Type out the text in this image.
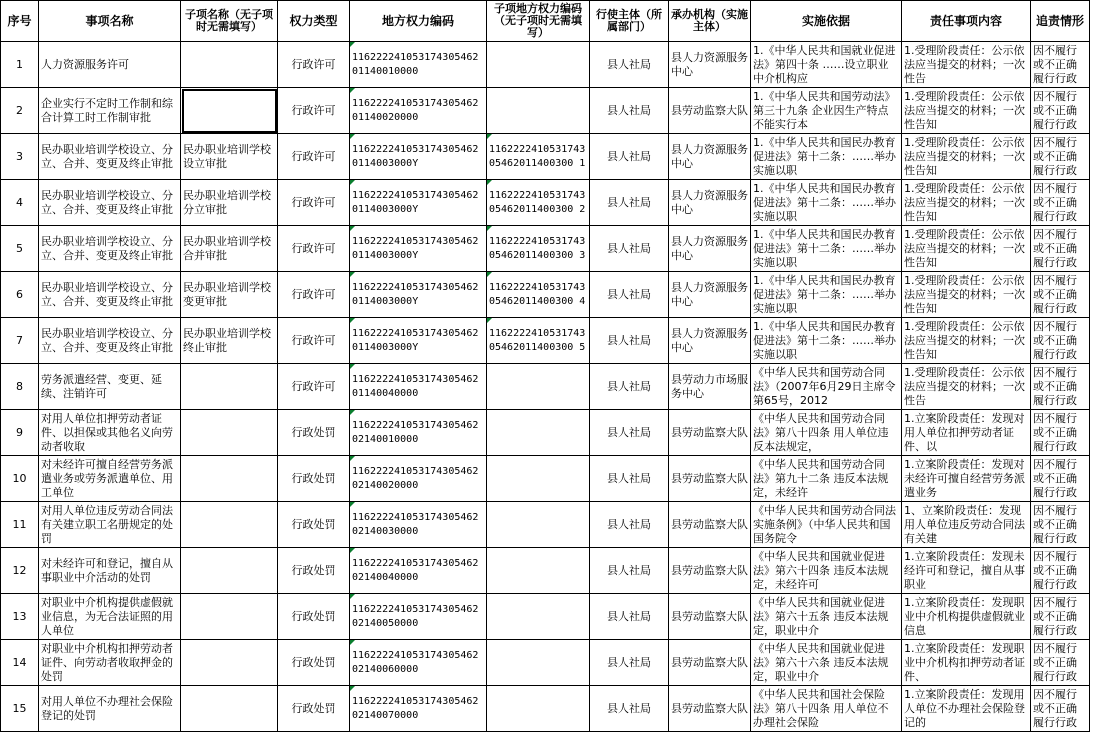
序号	事项名称	子项名称（无子项时无需填写）	权力类型	地方权力编码	子项地方权力编码（无子项时无需填写）	行使主体（所属部门）	承办机构（实施主体）	实施依据	责任事项内容	追责情形

1	人力资源服务许可		行政许可	11622224105317430546201140010000		县人社局	县人力资源服务中心	1.《中华人民共和国就业促进法》第四十条 ……设立职业中介机构应	1.受理阶段责任：公示依法应当提交的材料；一次性告	因不履行或不正确履行行政

2	企业实行不定时工作制和综合计算工时工作制审批		行政许可	11622224105317430546201140020000		县人社局	县劳动监察大队	1.《中华人民共和国劳动法》第三十九条 企业因生产特点不能实行本	1.受理阶段责任：公示依法应当提交的材料；一次性告知	因不履行或不正确履行行政

3	民办职业培训学校设立、分立、合并、变更及终止审批	民办职业培训学校设立审批	行政许可	1162222410531743054620114003000Y	116222241053174305462011400300 1	县人社局	县人力资源服务中心	1.《中华人民共和国民办教育促进法》第十二条：……举办实施以职	1.受理阶段责任：公示依法应当提交的材料；一次性告知	因不履行或不正确履行行政

4	民办职业培训学校设立、分立、合并、变更及终止审批	民办职业培训学校分立审批	行政许可	1162222410531743054620114003000Y	116222241053174305462011400300 2	县人社局	县人力资源服务中心	1.《中华人民共和国民办教育促进法》第十二条：……举办实施以职	1.受理阶段责任：公示依法应当提交的材料；一次性告知	因不履行或不正确履行行政

5	民办职业培训学校设立、分立、合并、变更及终止审批	民办职业培训学校合并审批	行政许可	1162222410531743054620114003000Y	116222241053174305462011400300 3	县人社局	县人力资源服务中心	1.《中华人民共和国民办教育促进法》第十二条：……举办实施以职	1.受理阶段责任：公示依法应当提交的材料；一次性告知	因不履行或不正确履行行政

6	民办职业培训学校设立、分立、合并、变更及终止审批	民办职业培训学校变更审批	行政许可	1162222410531743054620114003000Y	116222241053174305462011400300 4	县人社局	县人力资源服务中心	1.《中华人民共和国民办教育促进法》第十二条：……举办实施以职	1.受理阶段责任：公示依法应当提交的材料；一次性告知	因不履行或不正确履行行政

7	民办职业培训学校设立、分立、合并、变更及终止审批	民办职业培训学校终止审批	行政许可	1162222410531743054620114003000Y	116222241053174305462011400300 5	县人社局	县人力资源服务中心	1.《中华人民共和国民办教育促进法》第十二条：……举办实施以职	1.受理阶段责任：公示依法应当提交的材料；一次性告知	因不履行或不正确履行行政

8	劳务派遣经营、变更、延续、注销许可		行政许可	11622224105317430546201140040000		县人社局	县劳动力市场服务中心	《中华人民共和国劳动合同法》（2007年6月29日主席令第65号，2012	1.受理阶段责任：公示依法应当提交的材料；一次性告	因不履行或不正确履行行政

9	对用人单位扣押劳动者证件、以担保或其他名义向劳动者收取		行政处罚	11622224105317430546202140010000		县人社局	县劳动监察大队	《中华人民共和国劳动合同法》第八十四条 用人单位违反本法规定，	1.立案阶段责任：发现对用人单位扣押劳动者证件、以	因不履行或不正确履行行政

10	对未经许可擅自经营劳务派遣业务或劳务派遣单位、用工单位		行政处罚	11622224105317430546202140020000		县人社局	县劳动监察大队	《中华人民共和国劳动合同法》第九十二条 违反本法规定，未经许	1.立案阶段责任：发现对未经许可擅自经营劳务派遣业务	因不履行或不正确履行行政

11	对用人单位违反劳动合同法有关建立职工名册规定的处罚		行政处罚	11622224105317430546202140030000		县人社局	县劳动监察大队	《中华人民共和国劳动合同法实施条例》（中华人民共和国国务院令	1、立案阶段责任：发现用人单位违反劳动合同法有关建	因不履行或不正确履行行政

12	对未经许可和登记，擅自从事职业中介活动的处罚		行政处罚	11622224105317430546202140040000		县人社局	县劳动监察大队	《中华人民共和国就业促进法》第六十四条 违反本法规定，未经许可	1.立案阶段责任：发现未经许可和登记，擅自从事职业	因不履行或不正确履行行政

13	对职业中介机构提供虚假就业信息，为无合法证照的用人单位		行政处罚	11622224105317430546202140050000		县人社局	县劳动监察大队	《中华人民共和国就业促进法》第六十五条 违反本法规定，职业中介	1.立案阶段责任：发现职业中介机构提供虚假就业信息	因不履行或不正确履行行政

14	对职业中介机构扣押劳动者证件、向劳动者收取押金的处罚		行政处罚	11622224105317430546202140060000		县人社局	县劳动监察大队	《中华人民共和国就业促进法》第六十六条 违反本法规定，职业中介	1.立案阶段责任：发现职业中介机构扣押劳动者证件、	因不履行或不正确履行行政

15	对用人单位不办理社会保险登记的处罚		行政处罚	11622224105317430546202140070000		县人社局	县劳动监察大队	《中华人民共和国社会保险法》第八十四条 用人单位不办理社会保险	1.立案阶段责任：发现用人单位不办理社会保险登记的	因不履行或不正确履行行政
